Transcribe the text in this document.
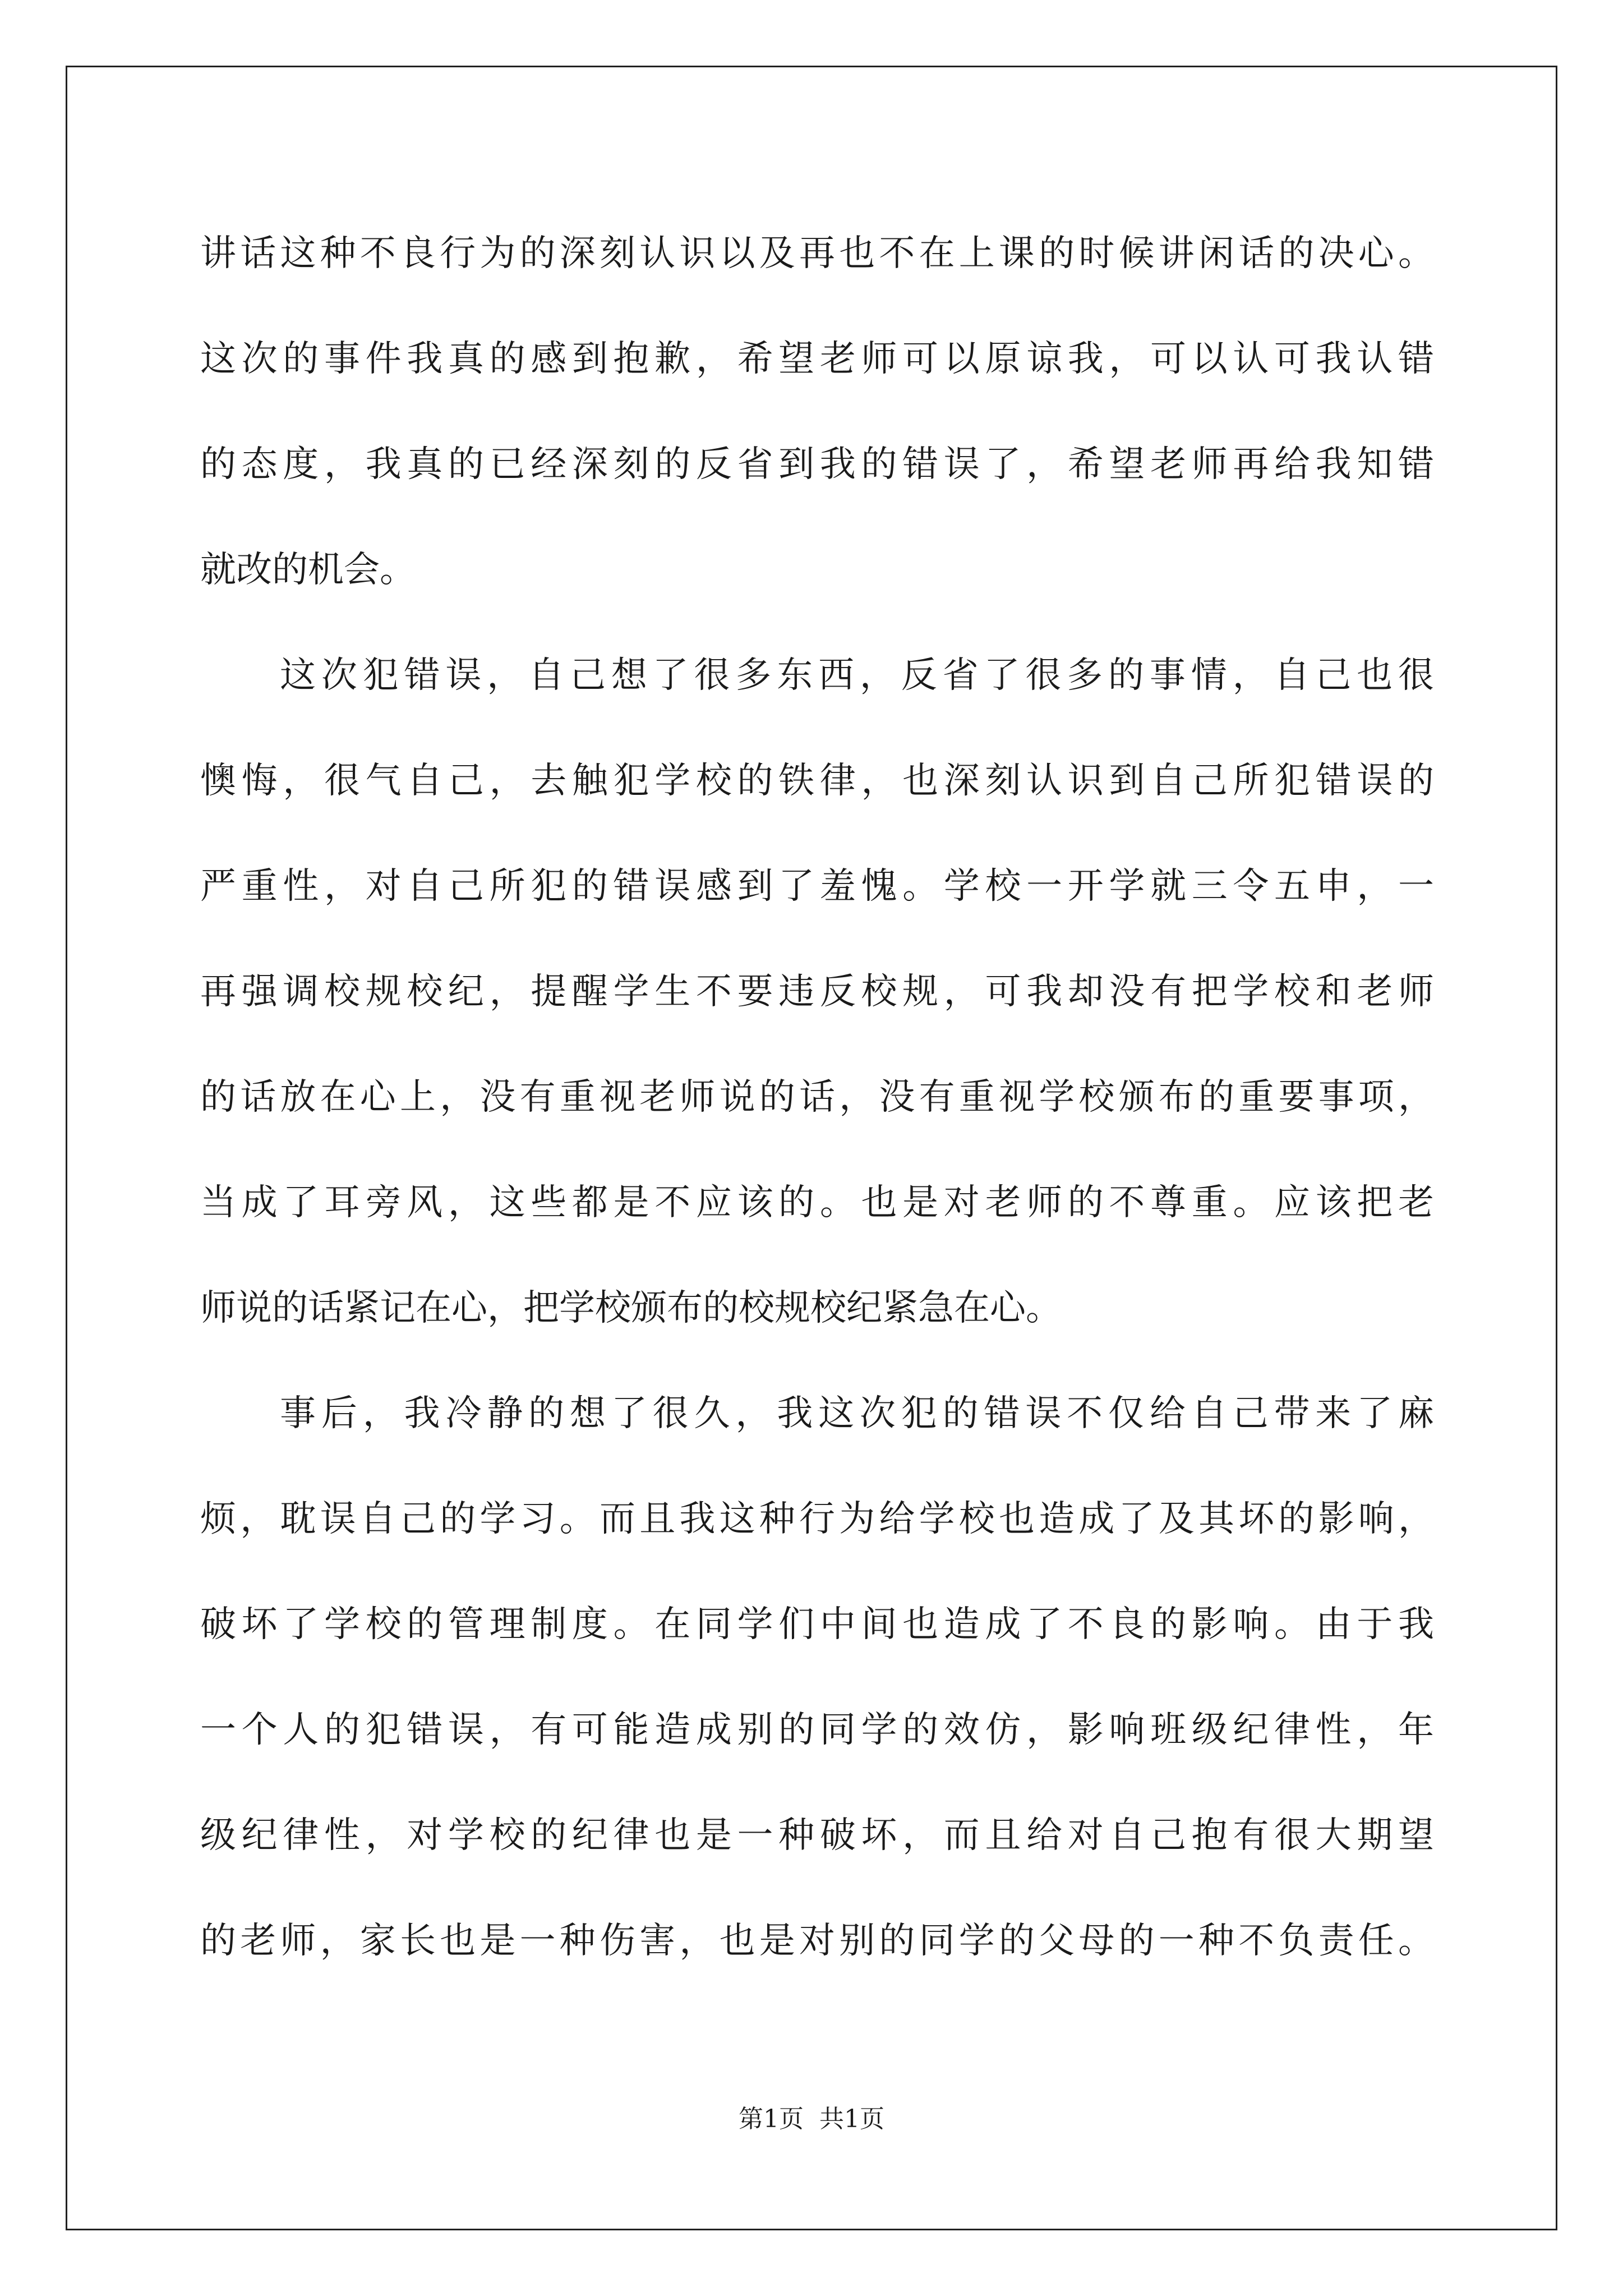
讲话这种不良行为的深刻认识以及再也不在上课的时候讲闲话的决心。
这次的事件我真的感到抱歉，希望老师可以原谅我，可以认可我认错
的态度，我真的已经深刻的反省到我的错误了，希望老师再给我知错
就改的机会。
这次犯错误，自己想了很多东西，反省了很多的事情，自己也很
懊悔，很气自己，去触犯学校的铁律，也深刻认识到自己所犯错误的
严重性，对自己所犯的错误感到了羞愧。学校一开学就三令五申，一
再强调校规校纪，提醒学生不要违反校规，可我却没有把学校和老师
的话放在心上，没有重视老师说的话，没有重视学校颁布的重要事项，
当成了耳旁风，这些都是不应该的。也是对老师的不尊重。应该把老
师说的话紧记在心，把学校颁布的校规校纪紧急在心。
事后，我冷静的想了很久，我这次犯的错误不仅给自己带来了麻
烦，耽误自己的学习。而且我这种行为给学校也造成了及其坏的影响，
破坏了学校的管理制度。在同学们中间也造成了不良的影响。由于我
一个人的犯错误，有可能造成别的同学的效仿，影响班级纪律性，年
级纪律性，对学校的纪律也是一种破坏，而且给对自己抱有很大期望
的老师，家长也是一种伤害，也是对别的同学的父母的一种不负责任。
第1页 共1页
